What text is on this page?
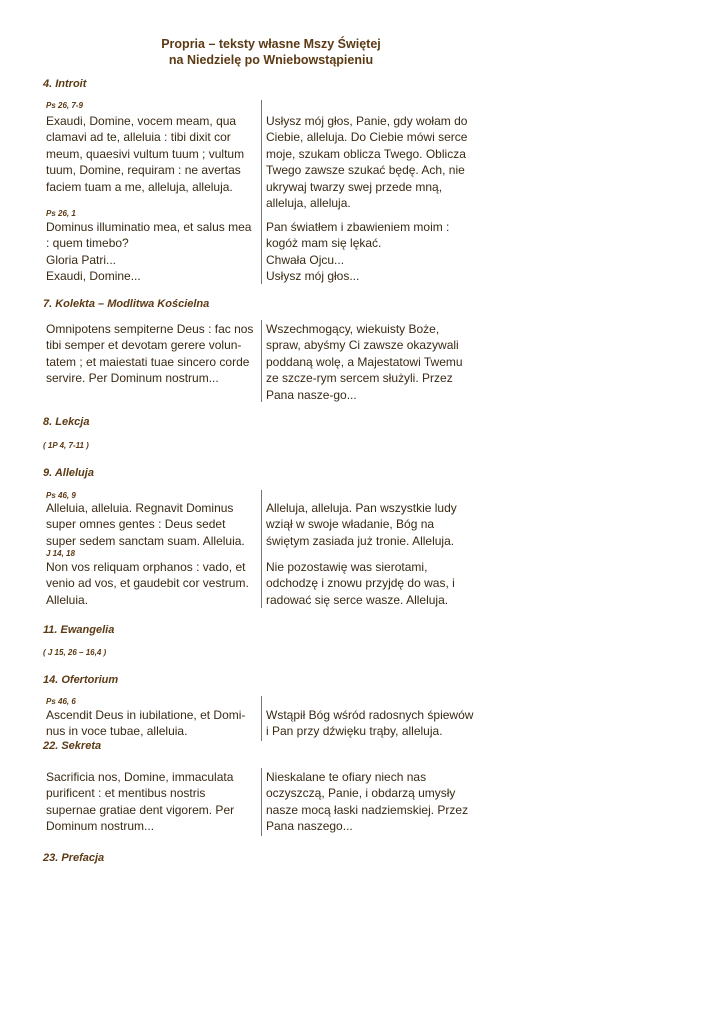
Propria – teksty własne Mszy Świętej
na Niedzielę po Wniebowstąpieniu
4. Introit
Ps 26, 7-9
Exaudi, Domine, vocem meam, qua
clamavi ad te, alleluia : tibi dixit cor
meum, quaesivi vultum tuum ; vultum
tuum, Domine, requiram : ne avertas
faciem tuam a me, alleluja, alleluja.
Usłysz mój głos, Panie, gdy wołam do
Ciebie, alleluja. Do Ciebie mówi serce
moje, szukam oblicza Twego. Oblicza
Twego zawsze szukać będę. Ach, nie
ukrywaj twarzy swej przede mną,
alleluja, alleluja.
Ps 26, 1
Dominus illuminatio mea, et salus mea
: quem timebo?
Gloria Patri...
Exaudi, Domine...
Pan światłem i zbawieniem moim :
kogóż mam się lękać.
Chwała Ojcu...
Usłysz mój głos...
7. Kolekta – Modlitwa Kościelna
Omnipotens sempiterne Deus : fac nos
tibi semper et devotam gerere volun-
tatem ; et maiestati tuae sincero corde
servire. Per Dominum nostrum...
Wszechmogący, wiekuisty Boże,
spraw, abyśmy Ci zawsze okazywali
poddaną wolę, a Majestatowi Twemu
ze szcze-rym sercem służyli. Przez
Pana nasze-go...
8. Lekcja
( 1P 4, 7-11 )
9. Alleluja
Ps 46, 9
Alleluia, alleluia. Regnavit Dominus
super omnes gentes : Deus sedet
super sedem sanctam suam. Alleluia.
Alleluja, alleluja. Pan wszystkie ludy
wziął w swoje władanie, Bóg na
świętym zasiada już tronie. Alleluja.
J 14, 18
Non vos reliquam orphanos : vado, et
venio ad vos, et gaudebit cor vestrum.
Alleluia.
Nie pozostawię was sierotami,
odchodzę i znowu przyjdę do was, i
radować się serce wasze. Alleluja.
11. Ewangelia
( J 15, 26 – 16,4 )
14. Ofertorium
Ps 46, 6
Ascendit Deus in iubilatione, et Domi-
nus in voce tubae, alleluia.
Wstąpił Bóg wśród radosnych śpiewów
i Pan przy dźwięku trąby, alleluja.
22. Sekreta
Sacrificia nos, Domine, immaculata
purificent : et mentibus nostris
supernae gratiae dent vigorem. Per
Dominum nostrum...
Nieskalane te ofiary niech nas
oczyszczą, Panie, i obdarzą umysły
nasze mocą łaski nadziemskiej. Przez
Pana naszego...
23. Prefacja
